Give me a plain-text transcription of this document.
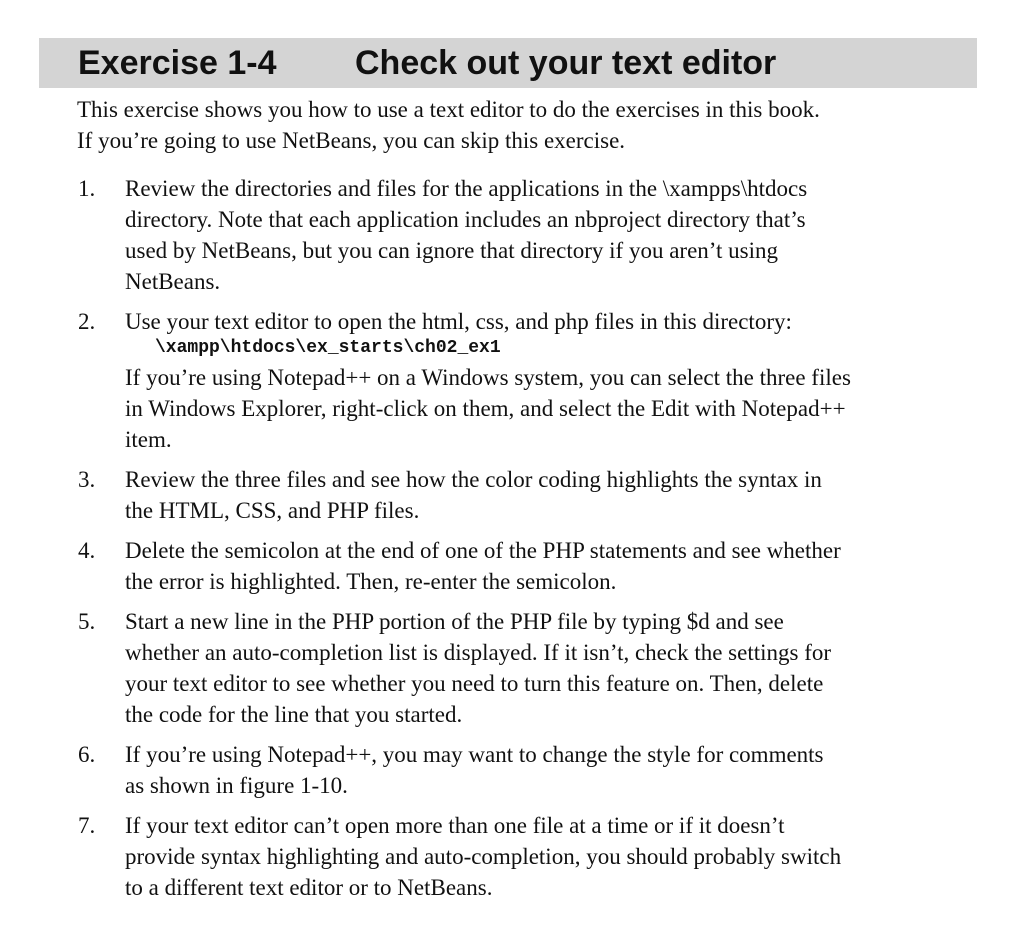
Exercise 1-4 Check out your text editor

This exercise shows you how to use a text editor to do the exercises in this book.

If you’re going to use NetBeans, you can skip this exercise.

1. Review the directories and files for the applications in the \xampps\htdocs
directory. Note that each application includes an nbproject directory that’s
used by NetBeans, but you can ignore that directory if you aren’t using
NetBeans.
2. Use your text editor to open the html, css, and php files in this directory:
\xampp\htdocs\ex_starts\ch02_ex1
If you’re using Notepad++ on a Windows system, you can select the three files
in Windows Explorer, right-click on them, and select the Edit with Notepad++
item.
3. Review the three files and see how the color coding highlights the syntax in
the HTML, CSS, and PHP files.
4. Delete the semicolon at the end of one of the PHP statements and see whether
the error is highlighted. Then, re-enter the semicolon.
5. Start a new line in the PHP portion of the PHP file by typing $d and see
whether an auto-completion list is displayed. If it isn’t, check the settings for
your text editor to see whether you need to turn this feature on. Then, delete
the code for the line that you started.
6. If you’re using Notepad++, you may want to change the style for comments
as shown in figure 1-10.
7. If your text editor can’t open more than one file at a time or if it doesn’t
provide syntax highlighting and auto-completion, you should probably switch
to a different text editor or to NetBeans.
